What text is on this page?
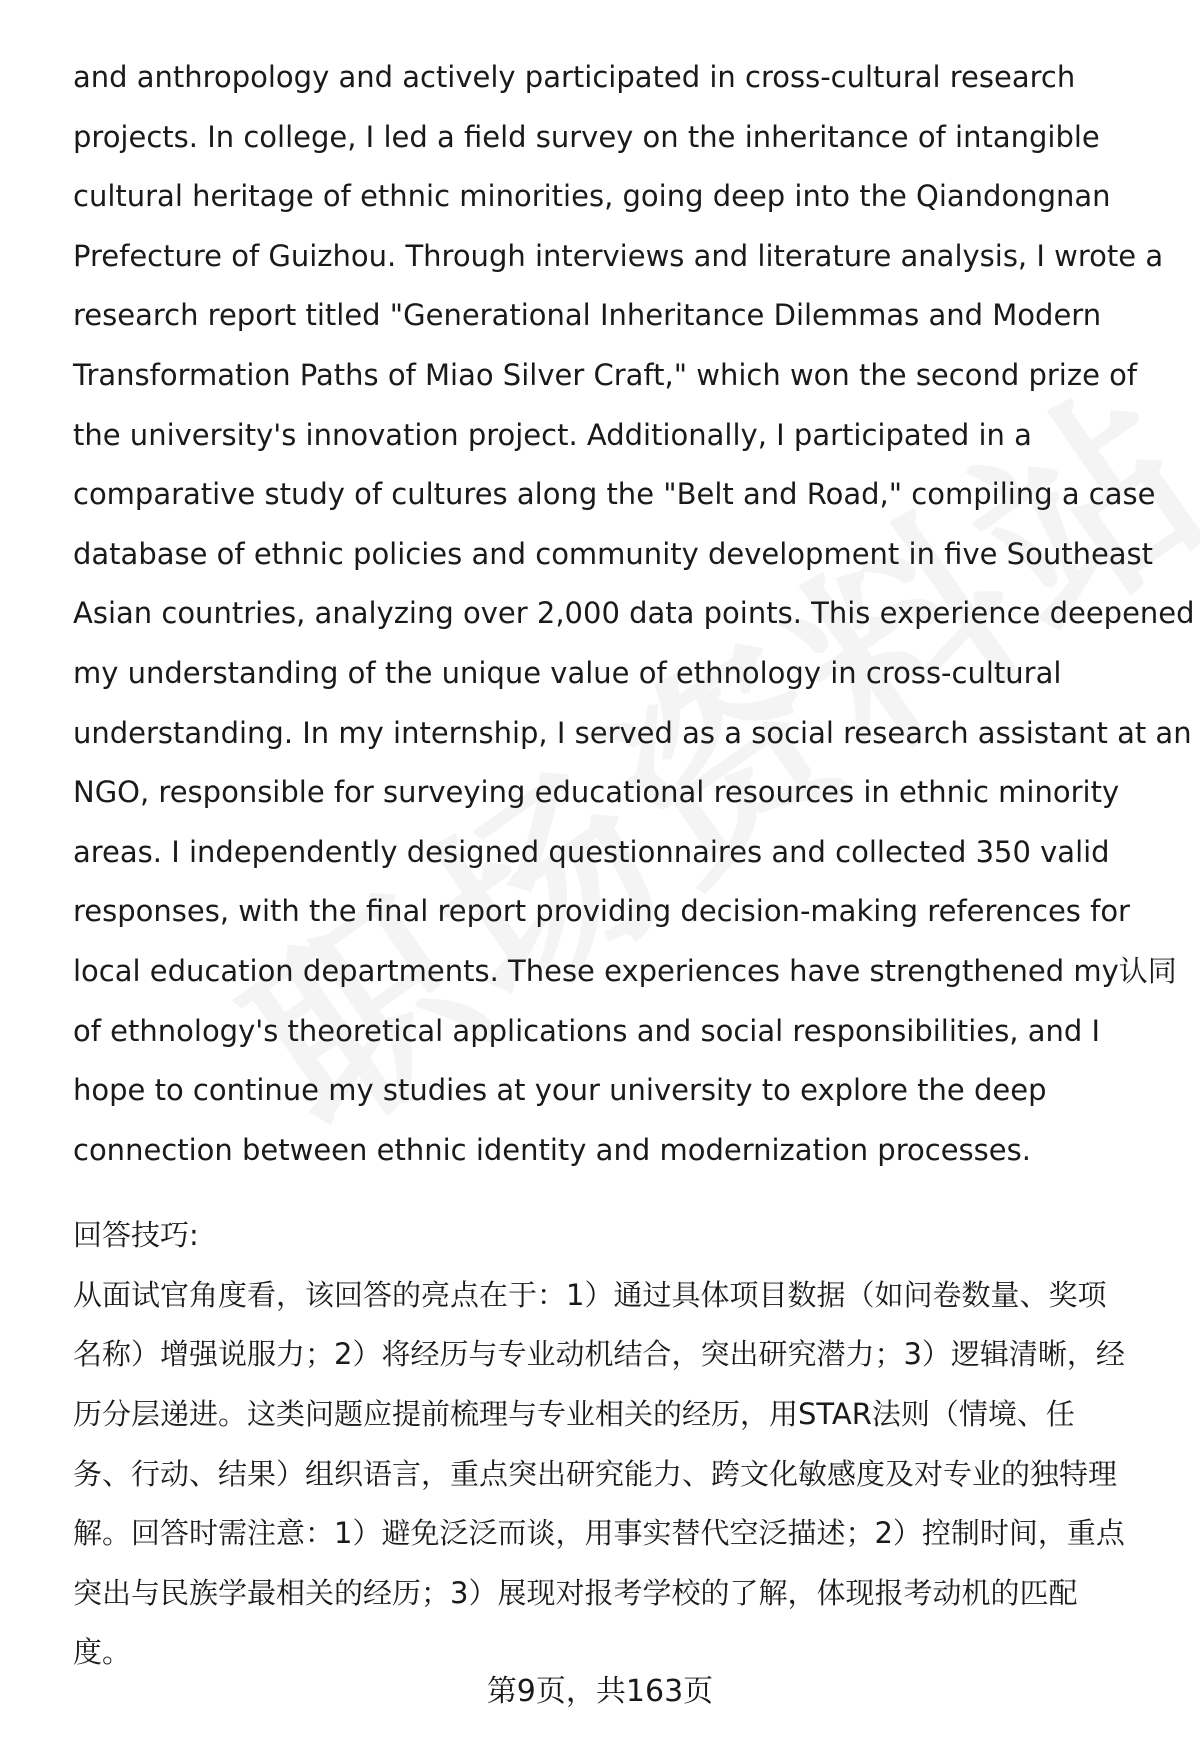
and anthropology and actively participated in cross-cultural research
projects. In college, I led a field survey on the inheritance of intangible
cultural heritage of ethnic minorities, going deep into the Qiandongnan
Prefecture of Guizhou. Through interviews and literature analysis, I wrote a
research report titled "Generational Inheritance Dilemmas and Modern
Transformation Paths of Miao Silver Craft," which won the second prize of
the university's innovation project. Additionally, I participated in a
comparative study of cultures along the "Belt and Road," compiling a case
database of ethnic policies and community development in five Southeast
Asian countries, analyzing over 2,000 data points. This experience deepened
my understanding of the unique value of ethnology in cross-cultural
understanding. In my internship, I served as a social research assistant at an
NGO, responsible for surveying educational resources in ethnic minority
areas. I independently designed questionnaires and collected 350 valid
responses, with the final report providing decision-making references for
local education departments. These experiences have strengthened my认同
of ethnology's theoretical applications and social responsibilities, and I
hope to continue my studies at your university to explore the deep
connection between ethnic identity and modernization processes.
回答技巧:
从面试官角度看，该回答的亮点在于：1）通过具体项目数据（如问卷数量、奖项
名称）增强说服力；2）将经历与专业动机结合，突出研究潜力；3）逻辑清晰，经
历分层递进。这类问题应提前梳理与专业相关的经历，用STAR法则（情境、任
务、行动、结果）组织语言，重点突出研究能力、跨文化敏感度及对专业的独特理
解。回答时需注意：1）避免泛泛而谈，用事实替代空泛描述；2）控制时间，重点
突出与民族学最相关的经历；3）展现对报考学校的了解，体现报考动机的匹配
度。
第9页，共163页
